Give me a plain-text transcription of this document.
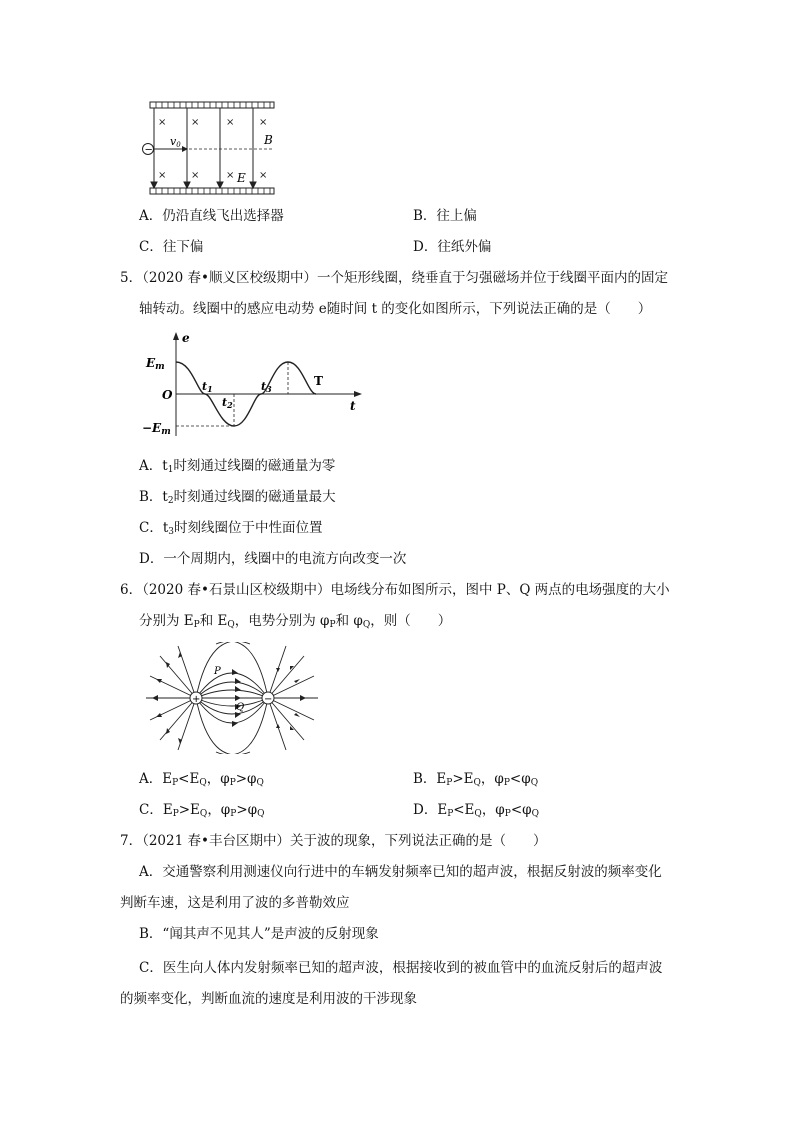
× ×	× ×
× ×	× ×
−
v0	B
E
A．仍沿直线飞出选择器	B．往上偏
C．往下偏	D．往纸外偏
5．（2020 春•顺义区校级期中）一个矩形线圈，绕垂直于匀强磁场并位于线圈平面内的固定
轴转动。线圈中的感应电动势 e随时间 t 的变化如图所示，下列说法正确的是（　　）
e
t
Em
−Em
O
t1
t2
t3
T
A．$t_1$时刻通过线圈的磁通量为零
B．$t_2$时刻通过线圈的磁通量最大
C．$t_3$时刻线圈位于中性面位置
D．一个周期内，线圈中的电流方向改变一次
6．（2020 春•石景山区校级期中）电场线分布如图所示，图中 P、Q 两点的电场强度的大小
分别为 $E_P$和 $E_Q$，电势分别为 $\varphi_P$和 $\varphi_Q$，则（　　）
+	−
P
Q
A．$E_P<E_Q$，$\varphi_P>\varphi_Q$	B．$E_P>E_Q$，$\varphi_P<\varphi_Q$
C．$E_P>E_Q$，$\varphi_P>\varphi_Q$	D．$E_P<E_Q$，$\varphi_P<\varphi_Q$
7．（2021 春•丰台区期中）关于波的现象，下列说法正确的是（　　）
A．交通警察利用测速仪向行进中的车辆发射频率已知的超声波，根据反射波的频率变化
判断车速，这是利用了波的多普勒效应
B．“闻其声不见其人”是声波的反射现象
C．医生向人体内发射频率已知的超声波，根据接收到的被血管中的血流反射后的超声波
的频率变化，判断血流的速度是利用波的干涉现象
